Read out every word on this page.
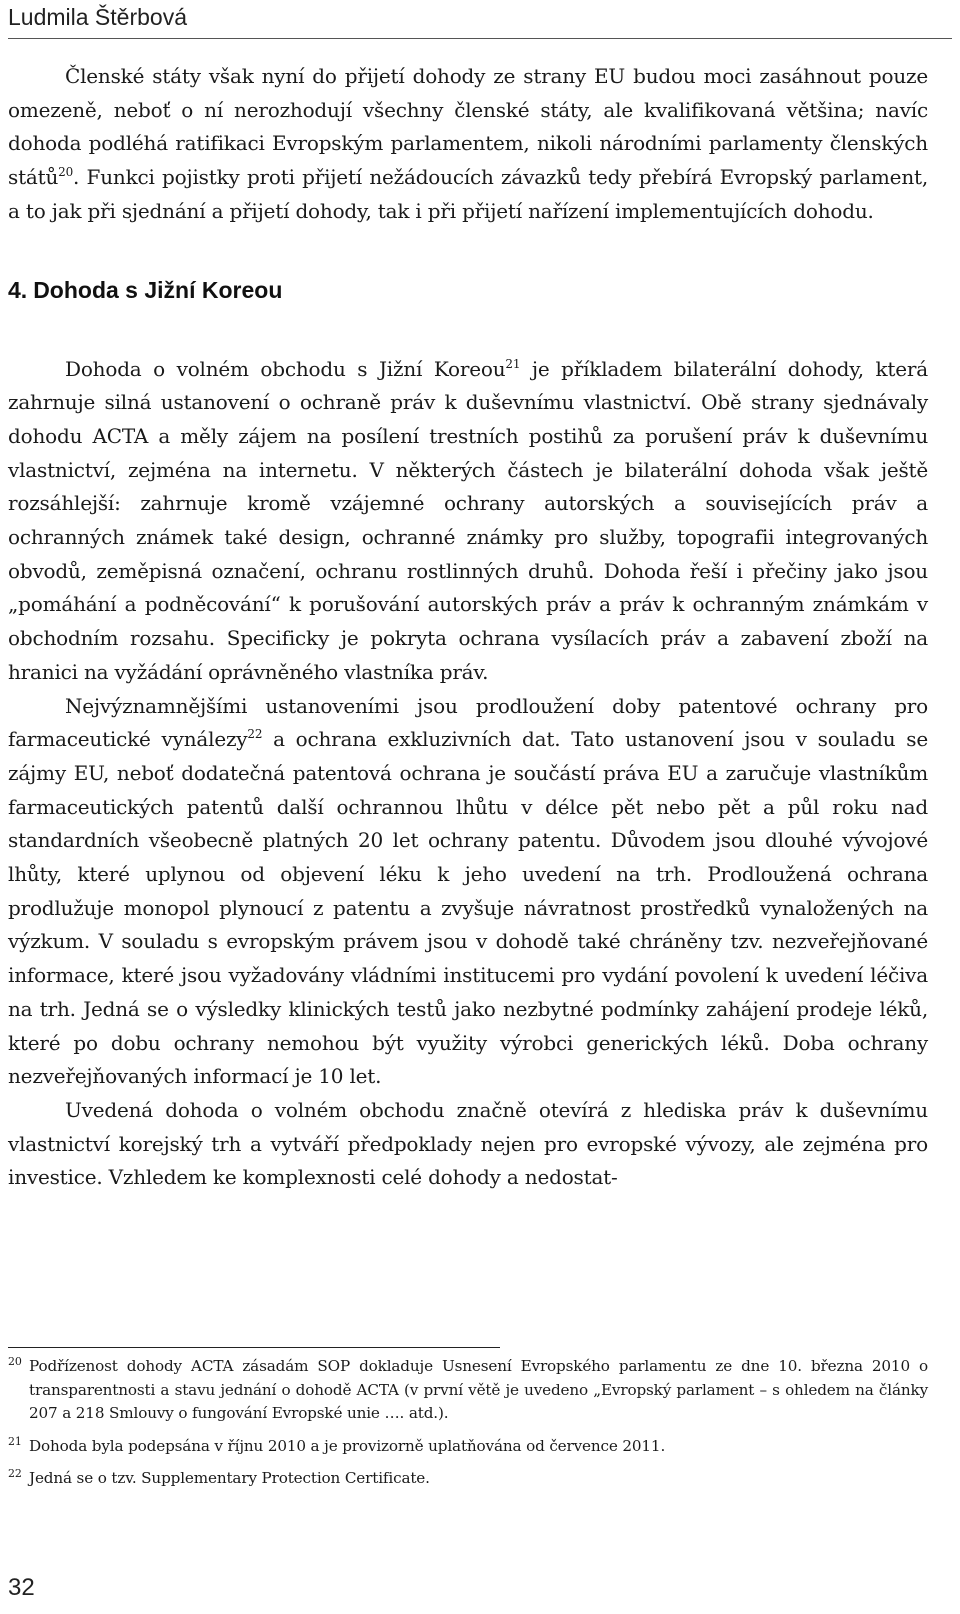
Ludmila Štěrbová

Členské státy však nyní do přijetí dohody ze strany EU budou moci zasáhnout pouze omezeně, neboť o ní nerozhodují všechny členské státy, ale kvalifikovaná většina; navíc dohoda podléhá ratifikaci Evropským parlamentem, nikoli národními parlamenty členských států$^{20}$. Funkci pojistky proti přijetí nežádoucích závazků tedy přebírá Evropský parlament, a to jak při sjednání a přijetí dohody, tak i při přijetí nařízení implementujících dohodu.

4. Dohoda s Jižní Koreou

Dohoda o volném obchodu s Jižní Koreou$^{21}$ je příkladem bilaterální dohody, která zahrnuje silná ustanovení o ochraně práv k duševnímu vlastnictví. Obě strany sjednávaly dohodu ACTA a měly zájem na posílení trestních postihů za porušení práv k duševnímu vlastnictví, zejména na internetu. V některých částech je bilaterální dohoda však ještě rozsáhlejší: zahrnuje kromě vzájemné ochrany autorských a souvisejících práv a ochranných známek také design, ochranné známky pro služby, topografii integrovaných obvodů, zeměpisná označení, ochranu rostlinných druhů. Dohoda řeší i přečiny jako jsou „pomáhání a podněcování“ k porušování autorských práv a práv k ochranným známkám v obchodním rozsahu. Specificky je pokryta ochrana vysílacích práv a zabavení zboží na hranici na vyžádání oprávněného vlastníka práv.

Nejvýznamnějšími ustanoveními jsou prodloužení doby patentové ochrany pro farmaceutické vynálezy$^{22}$ a ochrana exkluzivních dat. Tato ustanovení jsou v souladu se zájmy EU, neboť dodatečná patentová ochrana je součástí práva EU a zaručuje vlastníkům farmaceutických patentů další ochrannou lhůtu v délce pět nebo pět a půl roku nad standardních všeobecně platných 20 let ochrany patentu. Důvodem jsou dlouhé vývojové lhůty, které uplynou od objevení léku k jeho uvedení na trh. Prodloužená ochrana prodlužuje monopol plynoucí z patentu a zvyšuje návratnost prostředků vynaložených na výzkum. V souladu s evropským právem jsou v dohodě také chráněny tzv. nezveřejňované informace, které jsou vyžadovány vládními institucemi pro vydání povolení k uvedení léčiva na trh. Jedná se o výsledky klinických testů jako nezbytné podmínky zahájení prodeje léků, které po dobu ochrany nemohou být využity výrobci generických léků. Doba ochrany nezveřejňovaných informací je 10 let.

Uvedená dohoda o volném obchodu značně otevírá z hlediska práv k duševnímu vlastnictví korejský trh a vytváří předpoklady nejen pro evropské vývozy, ale zejména pro investice. Vzhledem ke komplexnosti celé dohody a nedostat-

20 Podřízenost dohody ACTA zásadám SOP dokladuje Usnesení Evropského parlamentu ze dne 10. března 2010 o transparentnosti a stavu jednání o dohodě ACTA (v první větě je uvedeno „Evropský parlament – s ohledem na články 207 a 218 Smlouvy o fungování Evropské unie …. atd.).
21 Dohoda byla podepsána v říjnu 2010 a je provizorně uplatňována od července 2011.
22 Jedná se o tzv. Supplementary Protection Certificate.
32
